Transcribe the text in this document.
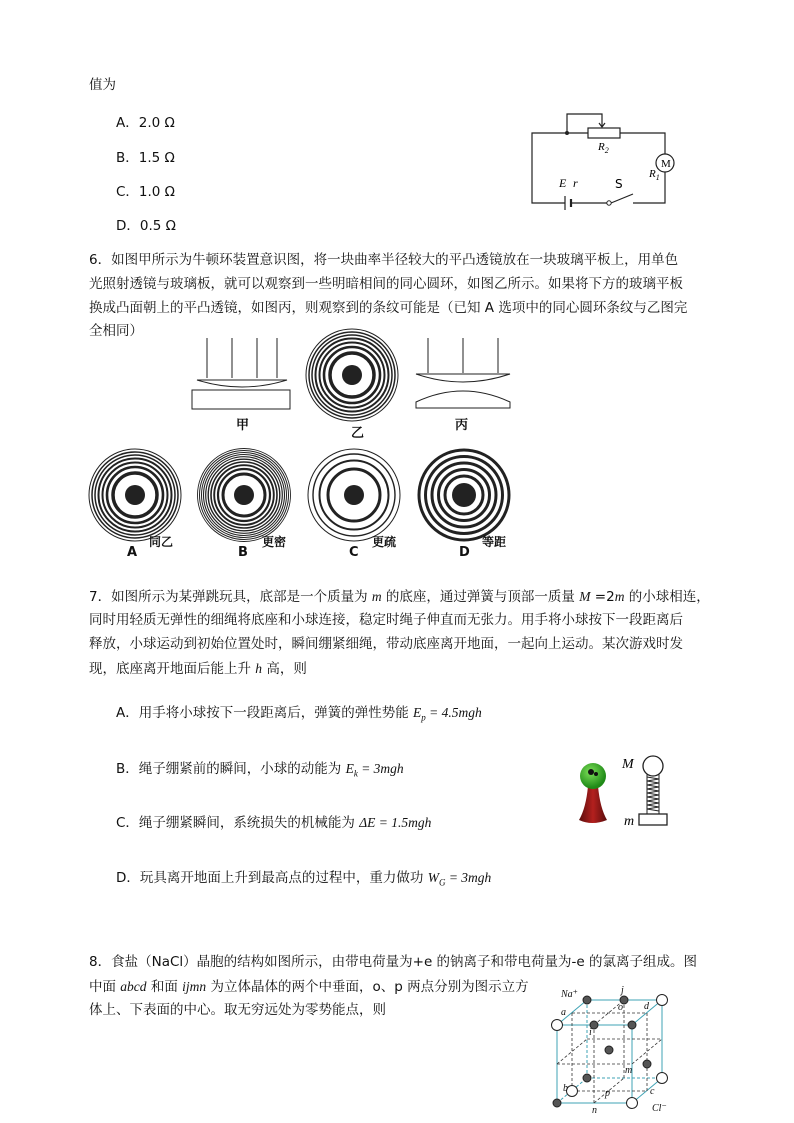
值为
A．2.0 Ω
B．1.5 Ω
C．1.0 Ω
D．0.5 Ω
$R_2$
M
$R_1$
E r	S
6．如图甲所示为牛顿环装置意识图，将一块曲率半径较大的平凸透镜放在一块玻璃平板上，用单色
光照射透镜与玻璃板，就可以观察到一些明暗相间的同心圆环，如图乙所示。如果将下方的玻璃平板
换成凸面朝上的平凸透镜，如图丙，则观察到的条纹可能是（已知 A 选项中的同心圆环条纹与乙图完
全相同）
甲
乙
丙
A
同乙
B
更密
C
更疏
D
等距
7．如图所示为某弹跳玩具，底部是一个质量为 m 的底座，通过弹簧与顶部一质量 M =2m 的小球相连，
同时用轻质无弹性的细绳将底座和小球连接，稳定时绳子伸直而无张力。用手将小球按下一段距离后
释放，小球运动到初始位置处时，瞬间绷紧细绳，带动底座离开地面，一起向上运动。某次游戏时发
现，底座离开地面后能上升 h 高，则
A．用手将小球按下一段距离后，弹簧的弹性势能 $E_p = 4.5mgh$
B．绳子绷紧前的瞬间，小球的动能为 $E_k = 3mgh$
C．绳子绷紧瞬间，系统损失的机械能为 ΔE = 1.5mgh
D．玩具离开地面上升到最高点的过程中，重力做功 $W_G = 3mgh$
M
m
8．食盐（NaCl）晶胞的结构如图所示，由带电荷量为+e 的钠离子和带电荷量为-e 的氯离子组成。图
中面 abcd 和面 ijmn 为立体晶体的两个中垂面，o、p 两点分别为图示立方
体上、下表面的中心。取无穷远处为零势能点，则
Na⁺
Cl⁻
a
b	c
d
i
j
m
n
o
p
